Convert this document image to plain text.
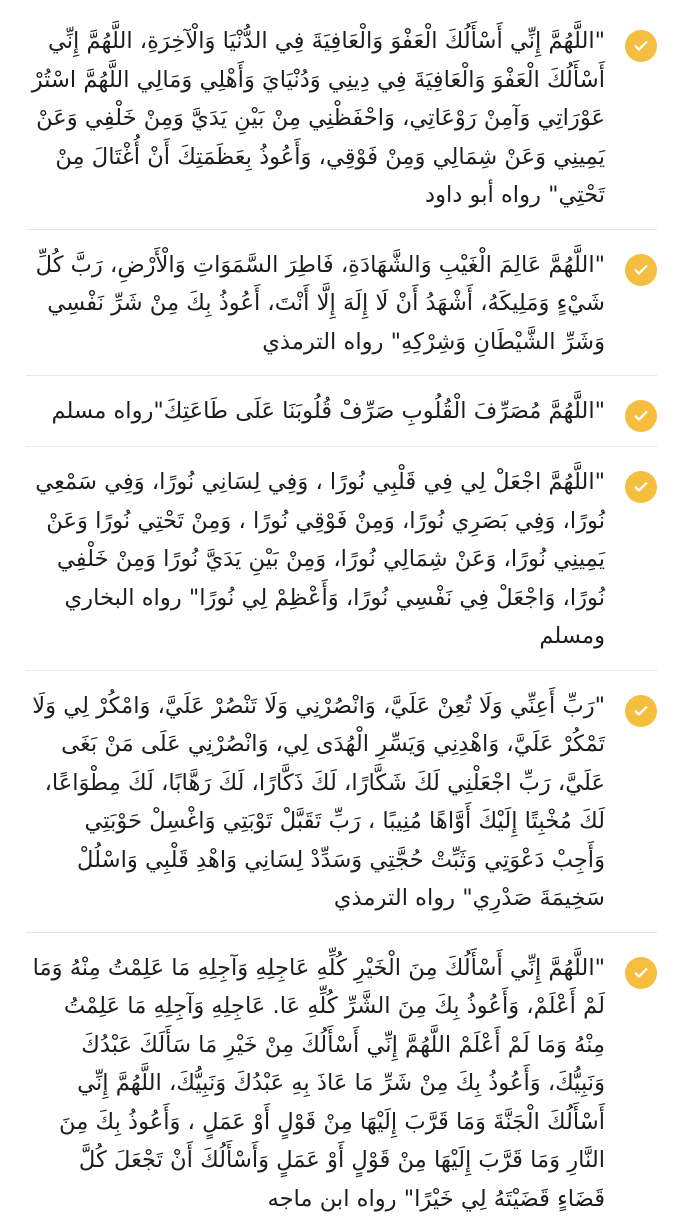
"اللَّهُمَّ إِنِّي أَسْأَلُكَ الْعَفْوَ وَالْعَافِيَةَ فِي الدُّنْيَا وَالْآخِرَةِ، اللَّهُمَّ إِنِّي أَسْأَلُكَ الْعَفْوَ وَالْعَافِيَةَ فِي دِينِي وَدُنْيَايَ وَأَهْلِي وَمَالِي اللَّهُمَّ اسْتُرْ عَوْرَاتِي وَآمِنْ رَوْعَاتِي، وَاحْفَظْنِي مِنْ بَيْنِ يَدَيَّ وَمِنْ خَلْفِي وَعَنْ يَمِينِي وَعَنْ شِمَالِي وَمِنْ فَوْقِي، وَأَعُوذُ بِعَظَمَتِكَ أَنْ أُغْتَالَ مِنْ تَحْتِي" رواه أبو داود
"اللَّهُمَّ عَالِمَ الْغَيْبِ وَالشَّهَادَةِ، فَاطِرَ السَّمَوَاتِ وَالْأَرْضِ، رَبَّ كُلِّ شَيْءٍ وَمَلِيكَهُ، أَشْهَدُ أَنْ لَا إِلَهَ إِلَّا أَنْتَ، أَعُوذُ بِكَ مِنْ شَرِّ نَفْسِي وَشَرِّ الشَّيْطَانِ وَشِرْكِهِ" رواه الترمذي
"اللَّهُمَّ مُصَرِّفَ الْقُلُوبِ صَرِّفْ قُلُوبَنَا عَلَى طَاعَتِكَ"رواه مسلم
"اللَّهُمَّ اجْعَلْ لِي فِي قَلْبِي نُورًا ، وَفِي لِسَانِي نُورًا، وَفِي سَمْعِي نُورًا، وَفِي بَصَرِي نُورًا، وَمِنْ فَوْقِي نُورًا ، وَمِنْ تَحْتِي نُورًا وَعَنْ يَمِينِي نُورًا، وَعَنْ شِمَالِي نُورًا، وَمِنْ بَيْنِ يَدَيَّ نُورًا وَمِنْ خَلْفِي نُورًا، وَاجْعَلْ فِي نَفْسِي نُورًا، وَأَعْظِمْ لِي نُورًا" رواه البخاري ومسلم
"رَبِّ أَعِنِّي وَلَا تُعِنْ عَلَيَّ، وَانْصُرْنِي وَلَا تَنْصُرْ عَلَيَّ، وَامْكُرْ لِي وَلَا تَمْكُرْ عَلَيَّ، وَاهْدِنِي وَيَسِّرِ الْهُدَى لِي، وَانْصُرْنِي عَلَى مَنْ بَغَى عَلَيَّ، رَبِّ اجْعَلْنِي لَكَ شَكَّارًا، لَكَ ذَكَّارًا، لَكَ رَهَّابًا، لَكَ مِطْوَاعًا، لَكَ مُخْبِتًا إِلَيْكَ أَوَّاهًا مُنِيبًا ، رَبِّ تَقَبَّلْ تَوْبَتِي وَاغْسِلْ حَوْبَتِي وَأَجِبْ دَعْوَتِي وَثَبِّتْ حُجَّتِي وَسَدِّدْ لِسَانِي وَاهْدِ قَلْبِي وَاسْلُلْ سَخِيمَةَ صَدْرِي" رواه الترمذي
"اللَّهُمَّ إِنِّي أَسْأَلُكَ مِنَ الْخَيْرِ كُلِّهِ عَاجِلِهِ وَآجِلِهِ مَا عَلِمْتُ مِنْهُ وَمَا لَمْ أَعْلَمْ، وَأَعُوذُ بِكَ مِنَ الشَّرِّ كُلِّهِ عَا. عَاجِلِهِ وَآجِلِهِ مَا عَلِمْتُ مِنْهُ وَمَا لَمْ أَعْلَمْ اللَّهُمَّ إِنِّي أَسْأَلُكَ مِنْ خَيْرِ مَا سَأَلَكَ عَبْدُكَ وَنَبِيُّكَ، وَأَعُوذُ بِكَ مِنْ شَرِّ مَا عَاذَ بِهِ عَبْدُكَ وَنَبِيُّكَ، اللَّهُمَّ إِنِّي أَسْأَلُكَ الْجَنَّةَ وَمَا قَرَّبَ إِلَيْهَا مِنْ قَوْلٍ أَوْ عَمَلٍ ، وَأَعُوذُ بِكَ مِنَ النَّارِ وَمَا قَرَّبَ إِلَيْهَا مِنْ قَوْلٍ أَوْ عَمَلٍ وَأَسْأَلُكَ أَنْ تَجْعَلَ كُلَّ قَضَاءٍ قَضَيْتَهُ لِي خَيْرًا" رواه ابن ماجه
